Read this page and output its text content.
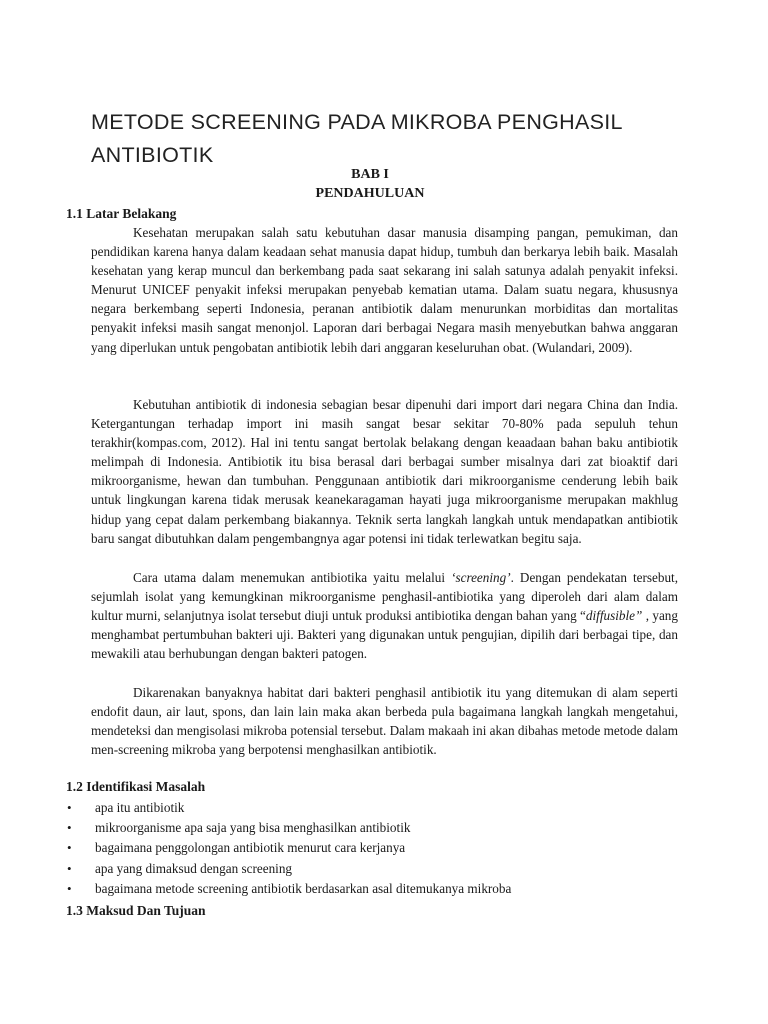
METODE SCREENING PADA MIKROBA PENGHASIL ANTIBIOTIK
BAB I
PENDAHULUAN
1.1 Latar Belakang

Kesehatan merupakan salah satu kebutuhan dasar manusia disamping pangan, pemukiman, dan pendidikan karena hanya dalam keadaan sehat manusia dapat hidup, tumbuh dan berkarya lebih baik. Masalah kesehatan yang kerap muncul dan berkembang pada saat sekarang ini salah satunya adalah penyakit infeksi. Menurut UNICEF penyakit infeksi merupakan penyebab kematian utama. Dalam suatu negara, khususnya negara berkembang seperti Indonesia, peranan antibiotik dalam menurunkan morbiditas dan mortalitas penyakit infeksi masih sangat menonjol. Laporan dari berbagai Negara masih menyebutkan bahwa anggaran yang diperlukan untuk pengobatan antibiotik lebih dari anggaran keseluruhan obat. (Wulandari, 2009).

Kebutuhan antibiotik di indonesia sebagian besar dipenuhi dari import dari negara China dan India. Ketergantungan terhadap import ini masih sangat besar sekitar 70-80% pada sepuluh tehun terakhir(kompas.com, 2012). Hal ini tentu sangat bertolak belakang dengan keaadaan bahan baku antibiotik melimpah di Indonesia. Antibiotik itu bisa berasal dari berbagai sumber misalnya dari zat bioaktif dari mikroorganisme, hewan dan tumbuhan. Penggunaan antibiotik dari mikroorganisme cenderung lebih baik untuk lingkungan karena tidak merusak keanekaragaman hayati juga mikroorganisme merupakan makhlug hidup yang cepat dalam perkembang biakannya. Teknik serta langkah langkah untuk mendapatkan antibiotik baru sangat dibutuhkan dalam pengembangnya agar potensi ini tidak terlewatkan begitu saja.

Cara utama dalam menemukan antibiotika yaitu melalui ‘screening’. Dengan pendekatan tersebut, sejumlah isolat yang kemungkinan mikroorganisme penghasil-antibiotika yang diperoleh dari alam dalam kultur murni, selanjutnya isolat tersebut diuji untuk produksi antibiotika dengan bahan yang “diffusible” , yang menghambat pertumbuhan bakteri uji. Bakteri yang digunakan untuk pengujian, dipilih dari berbagai tipe, dan mewakili atau berhubungan dengan bakteri patogen.

Dikarenakan banyaknya habitat dari bakteri penghasil antibiotik itu yang ditemukan di alam seperti endofit daun, air laut, spons, dan lain lain maka akan berbeda pula bagaimana langkah langkah mengetahui, mendeteksi dan mengisolasi mikroba potensial tersebut. Dalam makaah ini akan dibahas metode metode dalam men-screening mikroba yang berpotensi menghasilkan antibiotik.

1.2 Identifikasi Masalah
• apa itu antibiotik
• mikroorganisme apa saja yang bisa menghasilkan antibiotik
• bagaimana penggolongan antibiotik menurut cara kerjanya
• apa yang dimaksud dengan screening
• bagaimana metode screening antibiotik berdasarkan asal ditemukanya mikroba
1.3 Maksud Dan Tujuan
